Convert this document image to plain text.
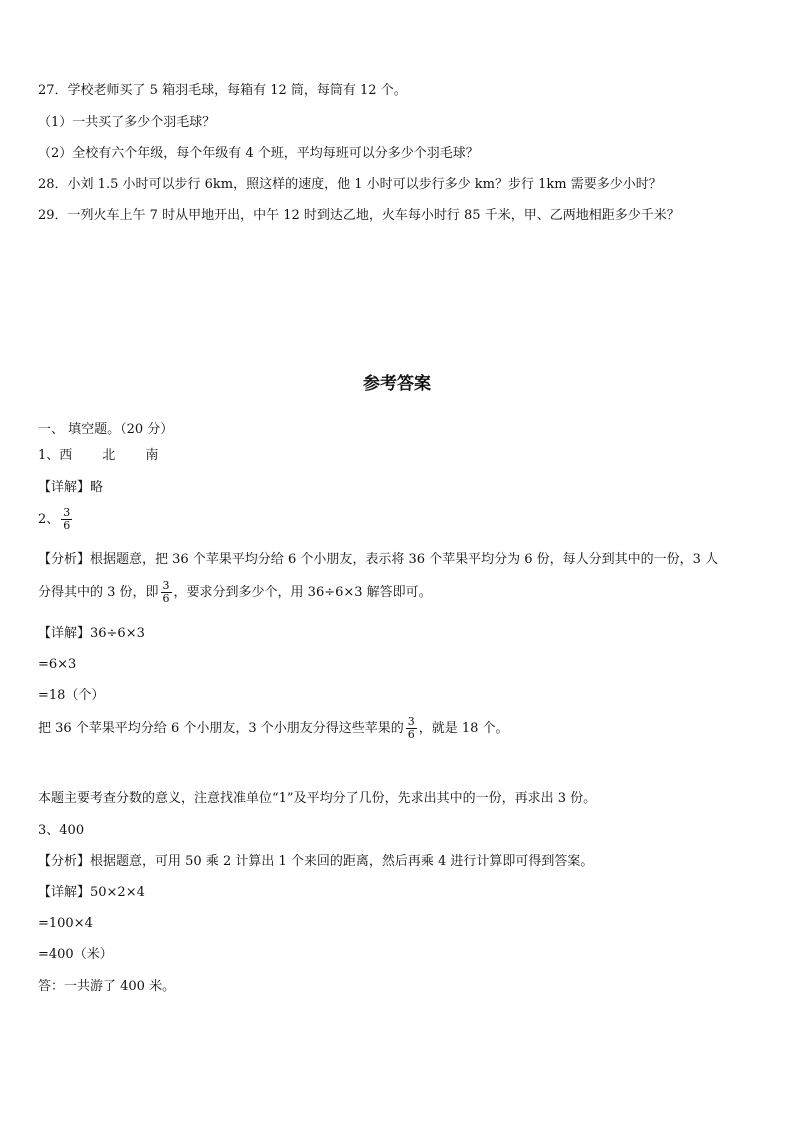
27．学校老师买了 5 箱羽毛球，每箱有 12 筒，每筒有 12 个。
（1）一共买了多少个羽毛球？
（2）全校有六个年级，每个年级有 4 个班，平均每班可以分多少个羽毛球？
28．小刘 1.5 小时可以步行 6km，照这样的速度，他 1 小时可以步行多少 km？步行 1km 需要多少小时？
29．一列火车上午 7 时从甲地开出，中午 12 时到达乙地，火车每小时行 85 千米，甲、乙两地相距多少千米？
参考答案
一、 填空题。（20 分）
1、西 北 南
【详解】略
2、 $\frac{3}{6}$
【分析】根据题意，把 36 个苹果平均分给 6 个小朋友，表示将 36 个苹果平均分为 6 份，每人分到其中的一份，3 人
分得其中的 3 份，即 $\frac{3}{6}$ ，要求分到多少个，用 36÷6×3 解答即可。
【详解】36÷6×3
=6×3
=18（个）
把 36 个苹果平均分给 6 个小朋友，3 个小朋友分得这些苹果的 $\frac{3}{6}$ ，就是 18 个。
本题主要考查分数的意义，注意找准单位“1”及平均分了几份，先求出其中的一份，再求出 3 份。
3、400
【分析】根据题意，可用 50 乘 2 计算出 1 个来回的距离，然后再乘 4 进行计算即可得到答案。
【详解】50×2×4
=100×4
=400（米）
答：一共游了 400 米。
